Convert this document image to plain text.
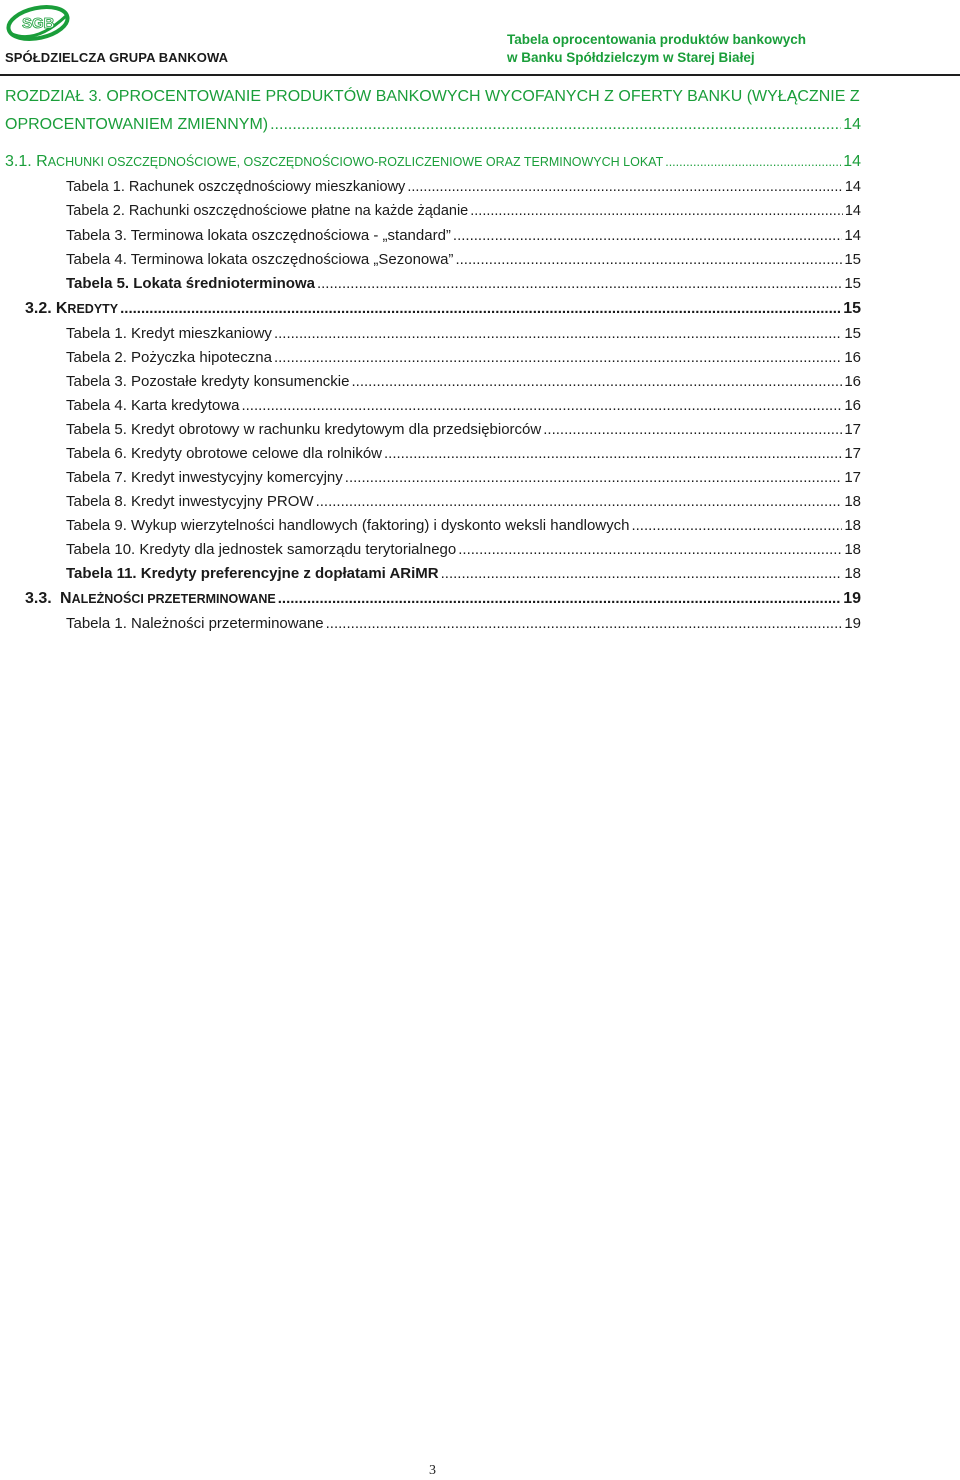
SGB
SPÓŁDZIELCZA GRUPA BANKOWA
Tabela oprocentowania produktów bankowych
w Banku Spółdzielczym w Starej Białej
ROZDZIAŁ 3. OPROCENTOWANIE PRODUKTÓW BANKOWYCH WYCOFANYCH Z OFERTY BANKU (WYŁĄCZNIE Z
OPROCENTOWANIEM ZMIENNYM) .....	14
3.1. RACHUNKI OSZCZĘDNOŚCIOWE, OSZCZĘDNOŚCIOWO-ROZLICZENIOWE ORAZ TERMINOWYCH LOKAT .....	14
Tabela 1. Rachunek oszczędnościowy mieszkaniowy .....	14
Tabela 2. Rachunki oszczędnościowe płatne na każde żądanie .....	14
Tabela 3. Terminowa lokata oszczędnościowa - „standard” .....	14
Tabela 4. Terminowa lokata oszczędnościowa „Sezonowa” .....	15
Tabela 5. Lokata średnioterminowa .....	15
3.2. KREDYTY .....	15
Tabela 1. Kredyt mieszkaniowy .....	15
Tabela 2. Pożyczka hipoteczna .....	16
Tabela 3. Pozostałe kredyty konsumenckie .....	16
Tabela 4. Karta kredytowa .....	16
Tabela 5. Kredyt obrotowy w rachunku kredytowym dla przedsiębiorców .....	17
Tabela 6. Kredyty obrotowe celowe dla rolników .....	17
Tabela 7. Kredyt inwestycyjny komercyjny .....	17
Tabela 8. Kredyt inwestycyjny PROW .....	18
Tabela 9. Wykup wierzytelności handlowych (faktoring) i dyskonto weksli handlowych .....	18
Tabela 10. Kredyty dla jednostek samorządu terytorialnego .....	18
Tabela 11. Kredyty preferencyjne z dopłatami ARiMR .....	18
3.3. NALEŻNOŚCI PRZETERMINOWANE .....	19
Tabela 1. Należności przeterminowane .....	19
3
